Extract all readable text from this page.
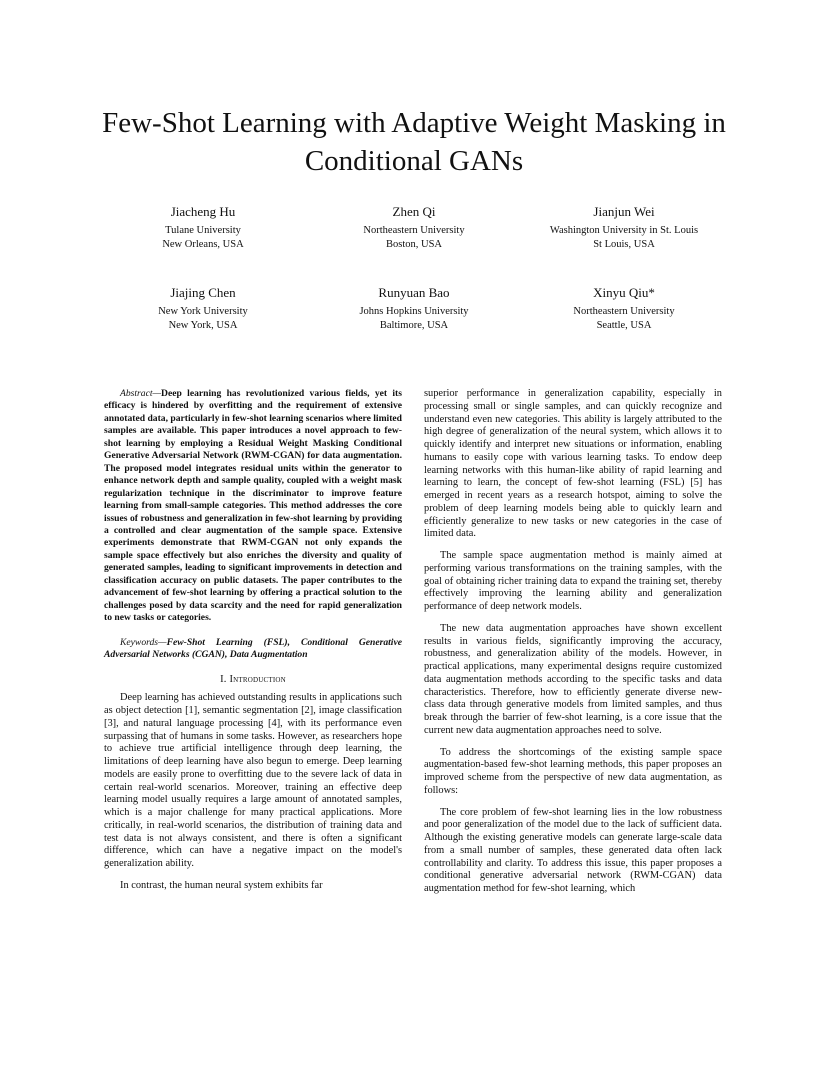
Few-Shot Learning with Adaptive Weight Masking in Conditional GANs
Jiacheng Hu
Tulane University
New Orleans, USA
Zhen Qi
Northeastern University
Boston, USA
Jianjun Wei
Washington University in St. Louis
St Louis, USA
Jiajing Chen
New York University
New York, USA
Runyuan Bao
Johns Hopkins University
Baltimore, USA
Xinyu Qiu*
Northeastern University
Seattle, USA

Abstract—Deep learning has revolutionized various fields, yet its efficacy is hindered by overfitting and the requirement of extensive annotated data, particularly in few-shot learning scenarios where limited samples are available. This paper introduces a novel approach to few-shot learning by employing a Residual Weight Masking Conditional Generative Adversarial Network (RWM-CGAN) for data augmentation. The proposed model integrates residual units within the generator to enhance network depth and sample quality, coupled with a weight mask regularization technique in the discriminator to improve feature learning from small-sample categories. This method addresses the core issues of robustness and generalization in few-shot learning by providing a controlled and clear augmentation of the sample space. Extensive experiments demonstrate that RWM-CGAN not only expands the sample space effectively but also enriches the diversity and quality of generated samples, leading to significant improvements in detection and classification accuracy on public datasets. The paper contributes to the advancement of few-shot learning by offering a practical solution to the challenges posed by data scarcity and the need for rapid generalization to new tasks or categories.

Keywords—Few-Shot Learning (FSL), Conditional Generative Adversarial Networks (CGAN), Data Augmentation

I. Introduction

Deep learning has achieved outstanding results in applications such as object detection [1], semantic segmentation [2], image classification [3], and natural language processing [4], with its performance even surpassing that of humans in some tasks. However, as researchers hope to achieve true artificial intelligence through deep learning, the limitations of deep learning have also begun to emerge. Deep learning models are easily prone to overfitting due to the severe lack of data in certain real-world scenarios. Moreover, training an effective deep learning model usually requires a large amount of annotated samples, which is a major challenge for many practical applications. More critically, in real-world scenarios, the distribution of training data and test data is not always consistent, and there is often a significant difference, which can have a negative impact on the model's generalization ability.

In contrast, the human neural system exhibits far

superior performance in generalization capability, especially in processing small or single samples, and can quickly recognize and understand even new categories. This ability is largely attributed to the high degree of generalization of the neural system, which allows it to quickly identify and interpret new situations or information, enabling humans to easily cope with various learning tasks. To endow deep learning networks with this human-like ability of rapid learning and learning to learn, the concept of few-shot learning (FSL) [5] has emerged in recent years as a research hotspot, aiming to solve the problem of deep learning models being able to quickly learn and efficiently generalize to new tasks or new categories in the case of limited data.

The sample space augmentation method is mainly aimed at performing various transformations on the training samples, with the goal of obtaining richer training data to expand the training set, thereby effectively improving the learning ability and generalization performance of deep network models.

The new data augmentation approaches have shown excellent results in various fields, significantly improving the accuracy, robustness, and generalization ability of the models. However, in practical applications, many experimental designs require customized data augmentation methods according to the specific tasks and data characteristics. Therefore, how to efficiently generate diverse new-class data through generative models from limited samples, and thus break through the barrier of few-shot learning, is a core issue that the current new data augmentation approaches need to solve.

To address the shortcomings of the existing sample space augmentation-based few-shot learning methods, this paper proposes an improved scheme from the perspective of new data augmentation, as follows:

The core problem of few-shot learning lies in the low robustness and poor generalization of the model due to the lack of sufficient data. Although the existing generative models can generate large-scale data from a small number of samples, these generated data often lack controllability and clarity. To address this issue, this paper proposes a conditional generative adversarial network (RWM-CGAN) data augmentation method for few-shot learning, which
